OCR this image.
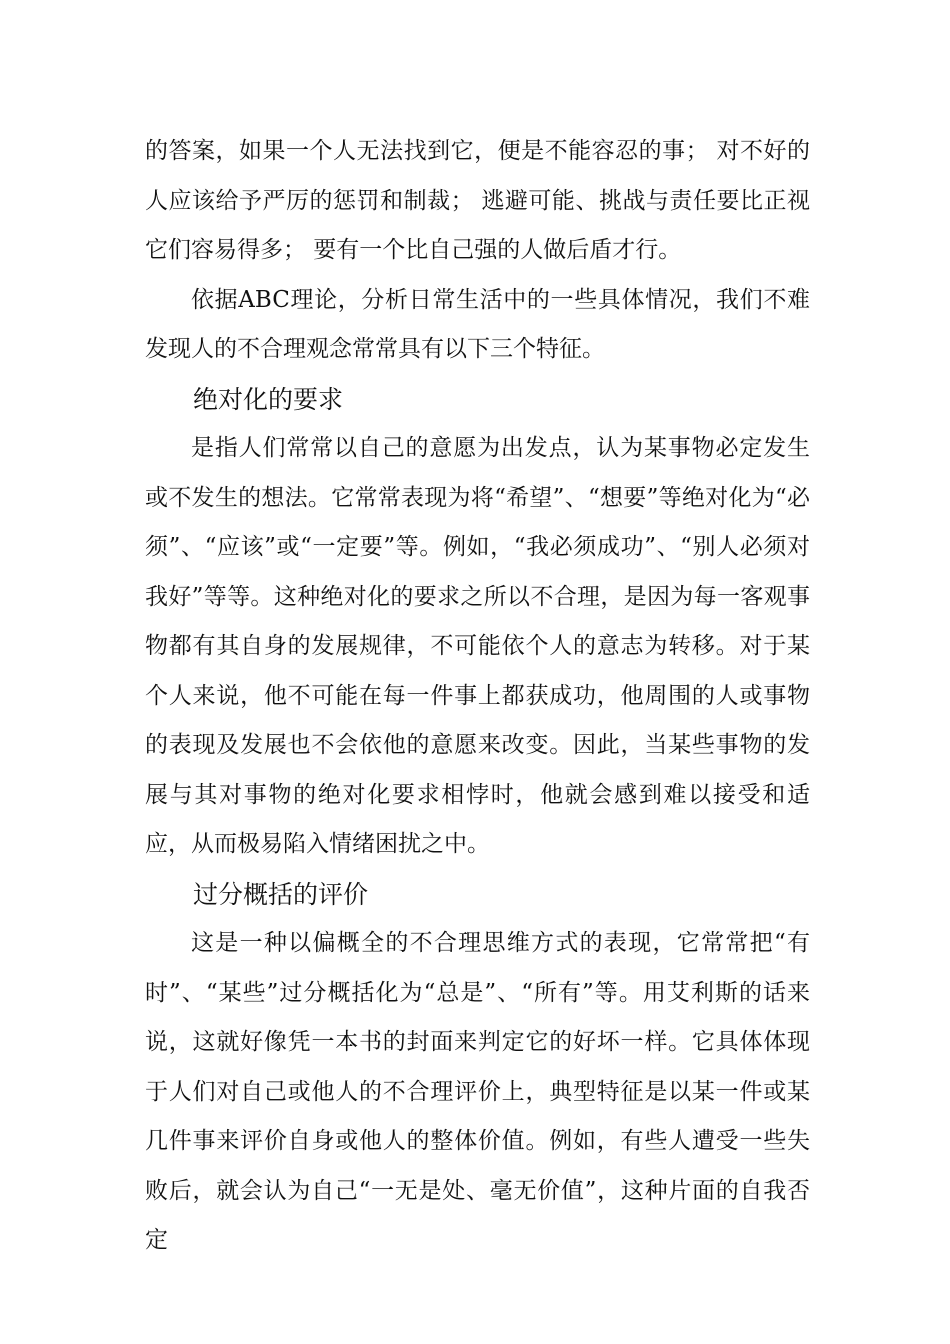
的答案，如果一个人无法找到它，便是不能容忍的事； 对不好的人应该给予严厉的惩罚和制裁； 逃避可能、挑战与责任要比正视它们容易得多； 要有一个比自己强的人做后盾才行。

依据ABC理论，分析日常生活中的一些具体情况，我们不难发现人的不合理观念常常具有以下三个特征。

绝对化的要求

是指人们常常以自己的意愿为出发点，认为某事物必定发生或不发生的想法。它常常表现为将“希望”、“想要”等绝对化为“必须”、“应该”或“一定要”等。例如，“我必须成功”、“别人必须对我好”等等。这种绝对化的要求之所以不合理，是因为每一客观事物都有其自身的发展规律，不可能依个人的意志为转移。对于某个人来说，他不可能在每一件事上都获成功，他周围的人或事物的表现及发展也不会依他的意愿来改变。因此，当某些事物的发展与其对事物的绝对化要求相悖时，他就会感到难以接受和适应，从而极易陷入情绪困扰之中。

过分概括的评价

这是一种以偏概全的不合理思维方式的表现，它常常把“有时”、“某些”过分概括化为“总是”、“所有”等。用艾利斯的话来说，这就好像凭一本书的封面来判定它的好坏一样。它具体体现于人们对自己或他人的不合理评价上，典型特征是以某一件或某几件事来评价自身或他人的整体价值。例如，有些人遭受一些失败后，就会认为自己“一无是处、毫无价值”，这种片面的自我否定
